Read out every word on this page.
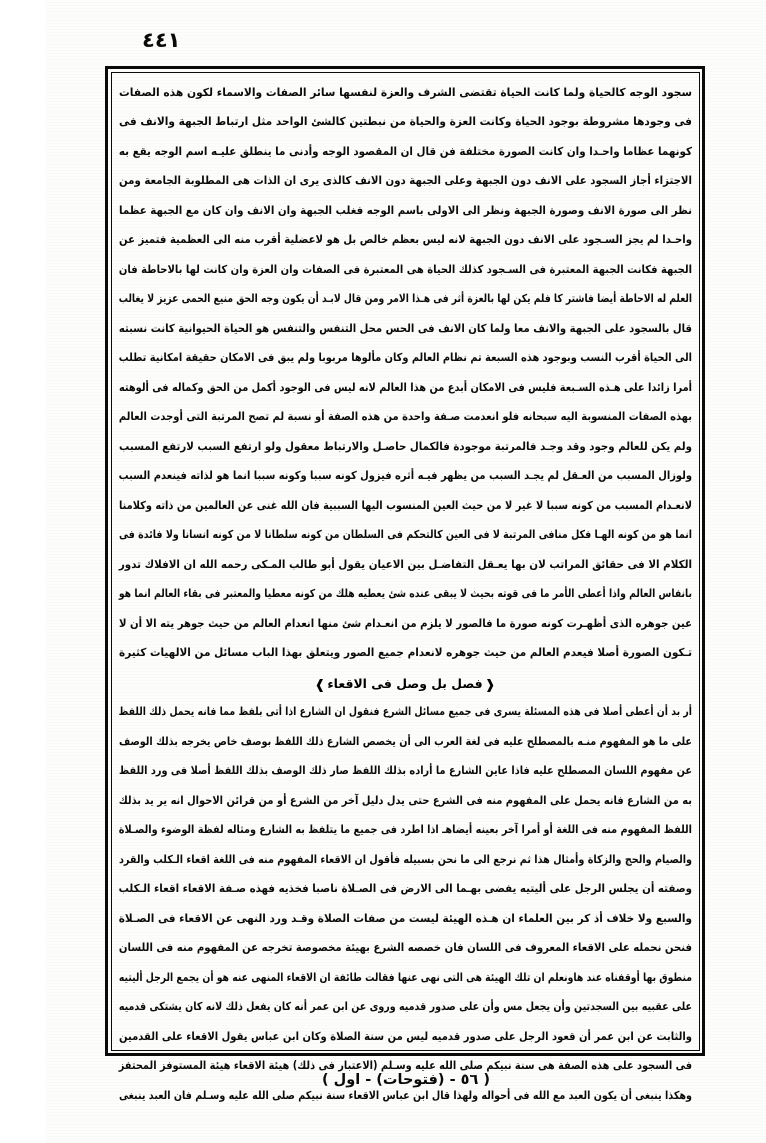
٤٤١
سجود الوجه كالحياة ولما كانت الحياة تقتضى الشرف والعزة لنفسها سائر الصفات والاسماء لكون هذه الصفات
فى وجودها مشروطة بوجود الحياة وكانت العزة والحياة من نبطتين كالشئ الواحد مثل ارتباط الجبهة والانف فى
كونهما عظاما واحـدا وان كانت الصورة مختلفة فن قال ان المقصود الوجه وأدنى ما ينطلق عليـه اسم الوجه يقع به
الاجتزاء أجاز السجود على الانف دون الجبهة وعلى الجبهة دون الانف كالذى يرى ان الذات هى المطلوبة الجامعة ومن
نظر الى صورة الانف وصورة الجبهة ونظر الى الاولى باسم الوجه فغلب الجبهة وان الانف وان كان مع الجبهة عظما
واحـدا لم يجز السـجود على الانف دون الجبهة لانه ليس بعظم خالص بل هو لاعضلية أقرب منه الى العظمية فتميز عن
الجبهة فكانت الجبهة المعتبرة فى السـجود كذلك الحياة هى المعتبرة فى الصفات وان العزة وان كانت لها بالاحاطة فان
العلم له الاحاطة أيضا فاشتر كا فلم يكن لها بالعزة أثر فى هـذا الامر ومن قال لابـد أن يكون وجه الحق منيع الحمى عزيز لا يغالب
قال بالسجود على الجبهة والانف معا ولما كان الانف فى الحس محل التنفس والتنفس هو الحياة الحيوانية كانت نسبته
الى الحياة أقرب النسب وبوجود هذه السبعة تم نظام العالم وكان مألوها مربوبا ولم يبق فى الامكان حقيقة امكانية تطلب
أمرا زائدا على هـذه السـبعة فليس فى الامكان أبدع من هذا العالم لانه ليس فى الوجود أكمل من الحق وكماله فى ألوهته
بهذه الصفات المنسوبة اليه سبحانه فلو انعدمت صـفة واحدة من هذه الصفة أو نسبة لم تصح المرتبة التى أوجدت العالم
ولم يكن للعالم وجود وقد وجـد فالمرتبة موجودة فالكمال حاصـل والارتباط معقول ولو ارتفع السبب لارتفع المسبب
ولوزال المسبب من العـقل لم يجـد السبب من يظهر فيـه أثره فيزول كونه سببا وكونه سببا انما هو لذاته فينعدم السبب
لانعـدام المسبب من كونه سببا لا غير لا من حيث العين المنسوب اليها السببية فان الله غنى عن العالمين من ذاته وكلامنا
انما هو من كونه الهـا فكل منافى المرتبة لا فى العين كالتحكم فى السلطان من كونه سلطانا لا من كونه انسانا ولا فائدة فى
الكلام الا فى حقائق المراتب لان بها يعـقل التفاضـل بين الاعيان يقول أبو طالب المـكى رحمه الله ان الافلاك تدور
بانفاس العالم واذا أعطى الأمر ما فى قوته بحيث لا يبقى عنده شئ يعطيه هلك من كونه معطيا والمعتبر فى بقاء العالم انما هو
عين جوهره الذى أظهـرت كونه صورة ما فالصور لا يلزم من انعـدام شئ منها انعدام العالم من حيث جوهر يته الا أن لا
تـكون الصورة أصلا فيعدم العالم من حيث جوهره لانعدام جميع الصور ويتعلق بهذا الباب مسائل من الالهيات كثيرة
❰فصل بل وصل فى الاقعاء❱
أر بد أن أعطى أصلا فى هذه المسئلة يسرى فى جميع مسائل الشرع فنقول ان الشارع اذا أتى بلفظ مما فانه يحمل ذلك اللفظ
على ما هو المفهوم منـه بالمصطلح عليه فى لغة العرب الى أن يخصص الشارع ذلك اللفظ بوصف خاص يخرجه بذلك الوصف
عن مفهوم اللسان المصطلح عليه فاذا عاين الشارع ما أراده بذلك اللفظ صار ذلك الوصف بذلك اللفظ أصلا فى ورد اللفظ
به من الشارع فانه يحمل على المفهوم منه فى الشرع حتى يدل دليل آخر من الشرع أو من قرائن الاحوال انه ير يد بذلك
اللفظ المفهوم منه فى اللغة أو أمرا آخر بعينه أيضاهـ اذا اطرد فى جميع ما يتلفظ به الشارع ومثاله لفظة الوضوء والصـلاة
والصيام والحج والزكاة وأمثال هذا ثم نرجع الى ما نحن بسبيله فأقول ان الاقعاء المفهوم منه فى اللغة اقعاء الـكلب والقرد
وصفته أن يجلس الرجل على أليتيه يفضى بهـما الى الارض فى الصـلاة ناصبا فخذيه فهذه صـفة الاقعاء اقعاء الـكلب
والسبع ولا خلاف أذ كر بين العلماء ان هـذه الهيئة ليست من صفات الصلاة وقـد ورد النهى عن الاقعاء فى الصـلاة
فنحن نحمله على الاقعاء المعروف فى اللسان فان خصصه الشرع بهيئة مخصوصة تخرجه عن المفهوم منه فى اللسان
منطوق بها أوقفناه عند هاونعلم ان تلك الهيئة هى التى نهى عنها فقالت طائفة ان الاقعاء المنهى عنه هو أن يجمع الرجل أليتيه
على عقبيه بين السجدتين وأن يجعل مس وأن على صدور قدميه وروى عن ابن عمر أنه كان يفعل ذلك لانه كان يشتكى قدميه
والثابت عن ابن عمر أن قعود الرجل على صدور قدميه ليس من سنة الصلاة وكان ابن عباس يقول الاقعاء على القدمين
فى السجود على هذه الصفة هى سنة نبيكم صلى الله عليه وسـلم (الاعتبار فى ذلك) هيئة الاقعاء هيئة المستوفز المحتفز
وهكذا ينبغى أن يكون العبد مع الله فى أحواله ولهذا قال ابن عباس الاقعاء سنة نبيكم صلى الله عليه وسـلم فان العبد ينبغى
( ٥٦ - (فتوحات) - اول )
